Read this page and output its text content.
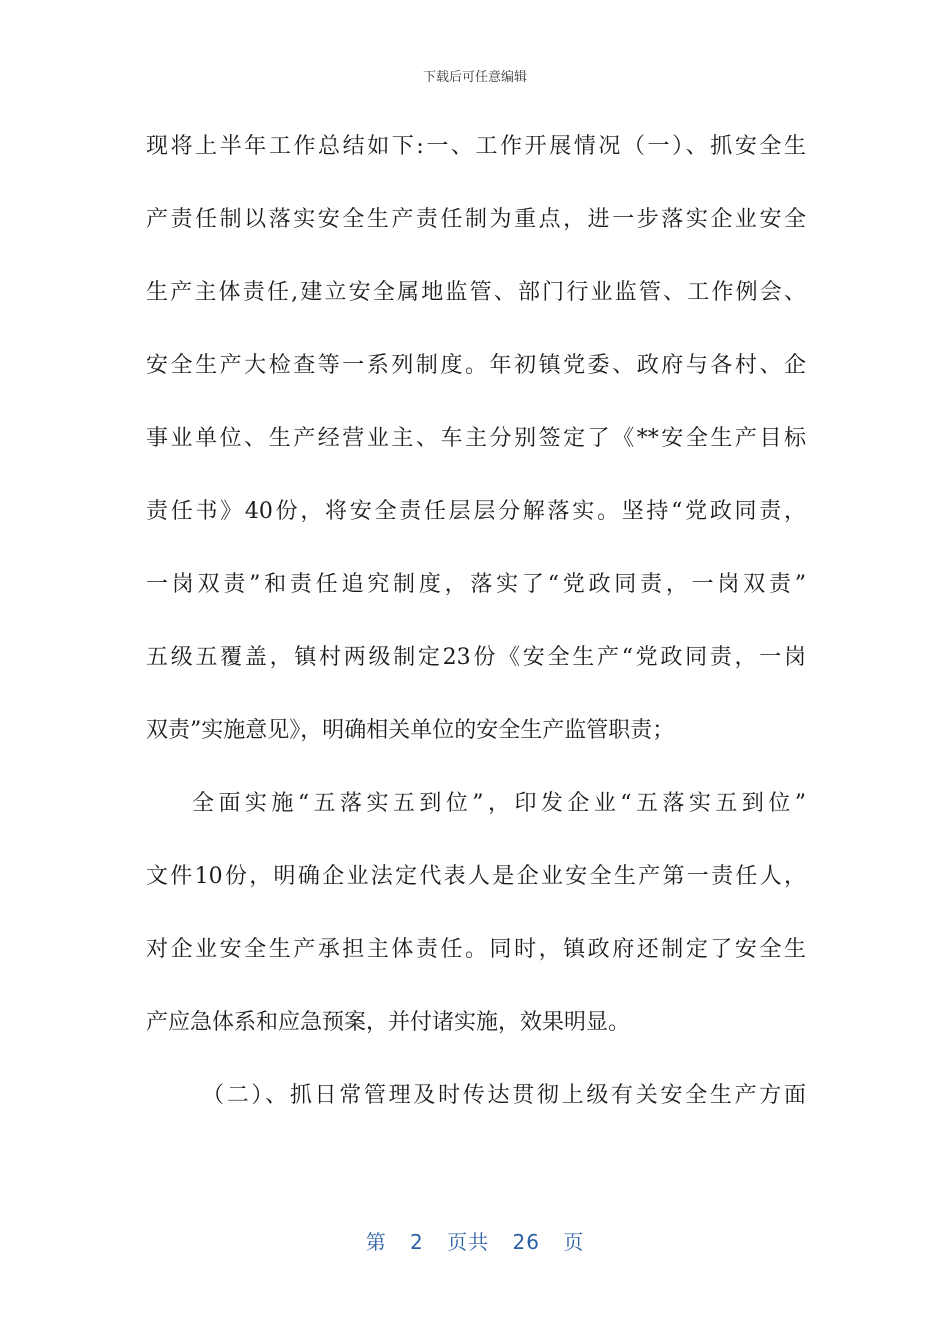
下载后可任意编辑
现将上半年工作总结如下:一、工作开展情况（一）、抓安全生
产责任制以落实安全生产责任制为重点，进一步落实企业安全
生产主体责任,建立安全属地监管、部门行业监管、工作例会、
安全生产大检查等一系列制度。年初镇党委、政府与各村、企
事业单位、生产经营业主、车主分别签定了《**安全生产目标
责任书》40份，将安全责任层层分解落实。坚持“党政同责，
一岗双责”和责任追究制度，落实了“党政同责，一岗双责”
五级五覆盖，镇村两级制定23份《安全生产“党政同责，一岗
双责”实施意见》，明确相关单位的安全生产监管职责；
全面实施“五落实五到位”，印发企业“五落实五到位”
文件10份，明确企业法定代表人是企业安全生产第一责任人，
对企业安全生产承担主体责任。同时，镇政府还制定了安全生
产应急体系和应急预案，并付诸实施，效果明显。
（二）、抓日常管理及时传达贯彻上级有关安全生产方面
第 2 页共 26 页
